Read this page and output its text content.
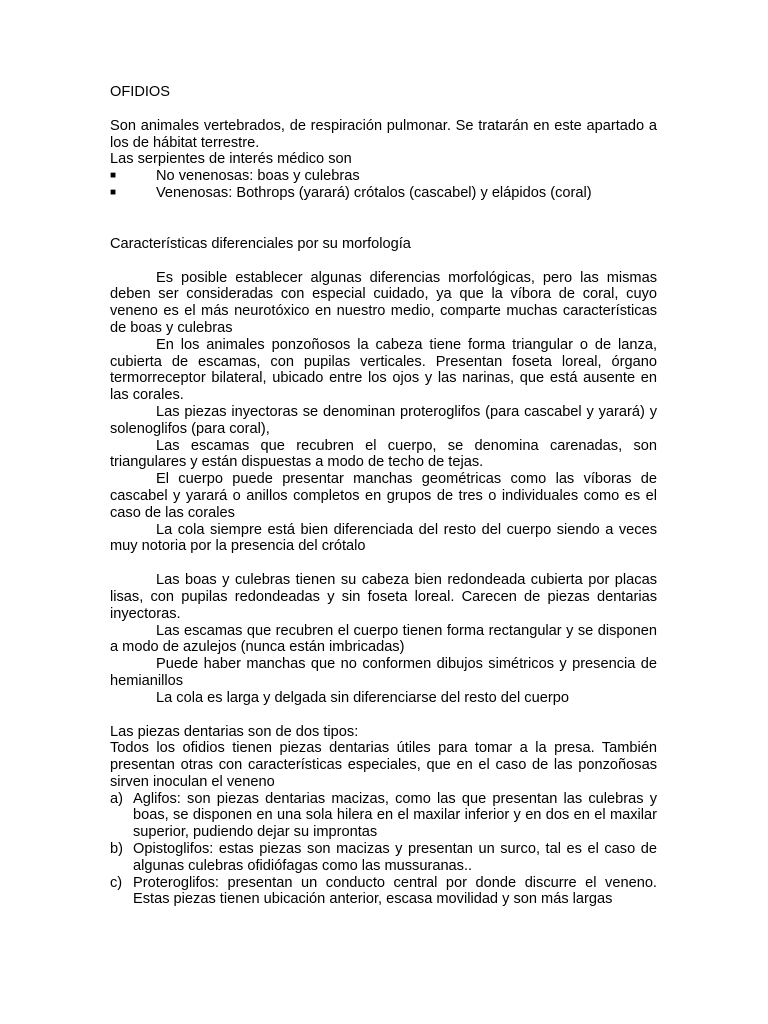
OFIDIOS

Son animales vertebrados, de respiración pulmonar. Se tratarán en este apartado a los de hábitat terrestre.

Las serpientes de interés médico son

■	No venenosas: boas y culebras
■	Venenosas: Bothrops (yarará) crótalos (cascabel) y elápidos (coral)

Características diferenciales por su morfología

Es posible establecer algunas diferencias morfológicas, pero las mismas deben ser consideradas con especial cuidado, ya que la víbora de coral, cuyo veneno es el más neurotóxico en nuestro medio, comparte muchas características de boas y culebras

En los animales ponzoñosos la cabeza tiene forma triangular o de lanza, cubierta de escamas, con pupilas verticales. Presentan foseta loreal, órgano termorreceptor bilateral, ubicado entre los ojos y las narinas, que está ausente en las corales.

Las piezas inyectoras se denominan proteroglifos (para cascabel y yarará) y solenoglifos (para coral),

Las escamas que recubren el cuerpo, se denomina carenadas, son triangulares y están dispuestas a modo de techo de tejas.

El cuerpo puede presentar manchas geométricas como las víboras de cascabel y yarará o anillos completos en grupos de tres o individuales como es el caso de las corales

La cola siempre está bien diferenciada del resto del cuerpo siendo a veces muy notoria por la presencia del crótalo

Las boas y culebras tienen su cabeza bien redondeada cubierta por placas lisas, con pupilas redondeadas y sin foseta loreal. Carecen de piezas dentarias inyectoras.

Las escamas que recubren el cuerpo tienen forma rectangular y se disponen a modo de azulejos (nunca están imbricadas)

Puede haber manchas que no conformen dibujos simétricos y presencia de hemianillos

La cola es larga y delgada sin diferenciarse del resto del cuerpo

Las piezas dentarias son de dos tipos:

Todos los ofidios tienen piezas dentarias útiles para tomar a la presa. También presentan otras con características especiales, que en el caso de las ponzoñosas sirven inoculan el veneno

a) Aglifos: son piezas dentarias macizas, como las que presentan las culebras y boas, se disponen en una sola hilera en el maxilar inferior y en dos en el maxilar superior, pudiendo dejar su improntas
b) Opistoglifos: estas piezas son macizas y presentan un surco, tal es el caso de algunas culebras ofidiófagas como las mussuranas..
c) Proteroglifos: presentan un conducto central por donde discurre el veneno. Estas piezas tienen ubicación anterior, escasa movilidad y son más largas
